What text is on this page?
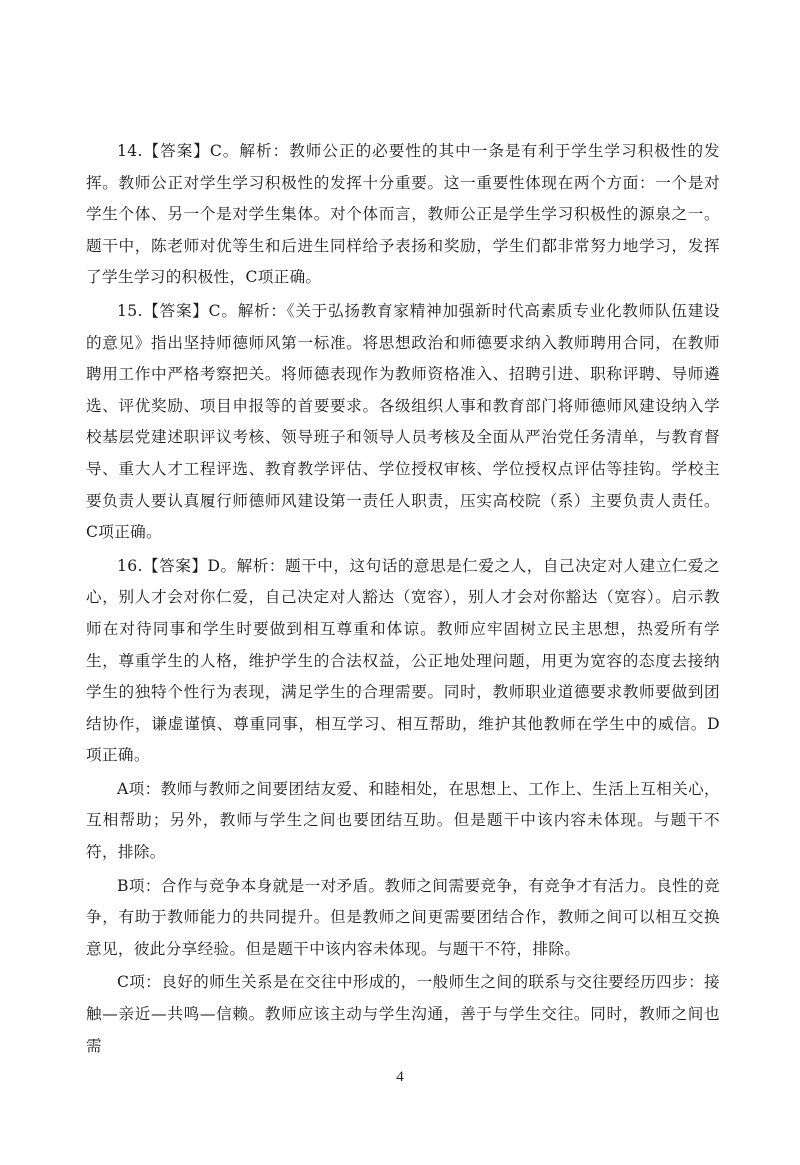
14.【答案】C。解析：教师公正的必要性的其中一条是有利于学生学习积极性的发挥。教师公正对学生学习积极性的发挥十分重要。这一重要性体现在两个方面：一个是对学生个体、另一个是对学生集体。对个体而言，教师公正是学生学习积极性的源泉之一。题干中，陈老师对优等生和后进生同样给予表扬和奖励，学生们都非常努力地学习，发挥了学生学习的积极性，C项正确。

15.【答案】C。解析：《关于弘扬教育家精神加强新时代高素质专业化教师队伍建设的意见》指出坚持师德师风第一标准。将思想政治和师德要求纳入教师聘用合同，在教师聘用工作中严格考察把关。将师德表现作为教师资格准入、招聘引进、职称评聘、导师遴选、评优奖励、项目申报等的首要要求。各级组织人事和教育部门将师德师风建设纳入学校基层党建述职评议考核、领导班子和领导人员考核及全面从严治党任务清单，与教育督导、重大人才工程评选、教育教学评估、学位授权审核、学位授权点评估等挂钩。学校主要负责人要认真履行师德师风建设第一责任人职责，压实高校院（系）主要负责人责任。C项正确。

16.【答案】D。解析：题干中，这句话的意思是仁爱之人，自己决定对人建立仁爱之心，别人才会对你仁爱，自己决定对人豁达（宽容），别人才会对你豁达（宽容）。启示教师在对待同事和学生时要做到相互尊重和体谅。教师应牢固树立民主思想，热爱所有学生，尊重学生的人格，维护学生的合法权益，公正地处理问题，用更为宽容的态度去接纳学生的独特个性行为表现，满足学生的合理需要。同时，教师职业道德要求教师要做到团结协作，谦虚谨慎、尊重同事，相互学习、相互帮助，维护其他教师在学生中的威信。D项正确。

A项：教师与教师之间要团结友爱、和睦相处，在思想上、工作上、生活上互相关心，互相帮助；另外，教师与学生之间也要团结互助。但是题干中该内容未体现。与题干不符，排除。

B项：合作与竞争本身就是一对矛盾。教师之间需要竞争，有竞争才有活力。良性的竞争，有助于教师能力的共同提升。但是教师之间更需要团结合作，教师之间可以相互交换意见，彼此分享经验。但是题干中该内容未体现。与题干不符，排除。

C项：良好的师生关系是在交往中形成的，一般师生之间的联系与交往要经历四步：接触—亲近—共鸣—信赖。教师应该主动与学生沟通，善于与学生交往。同时，教师之间也需

4
